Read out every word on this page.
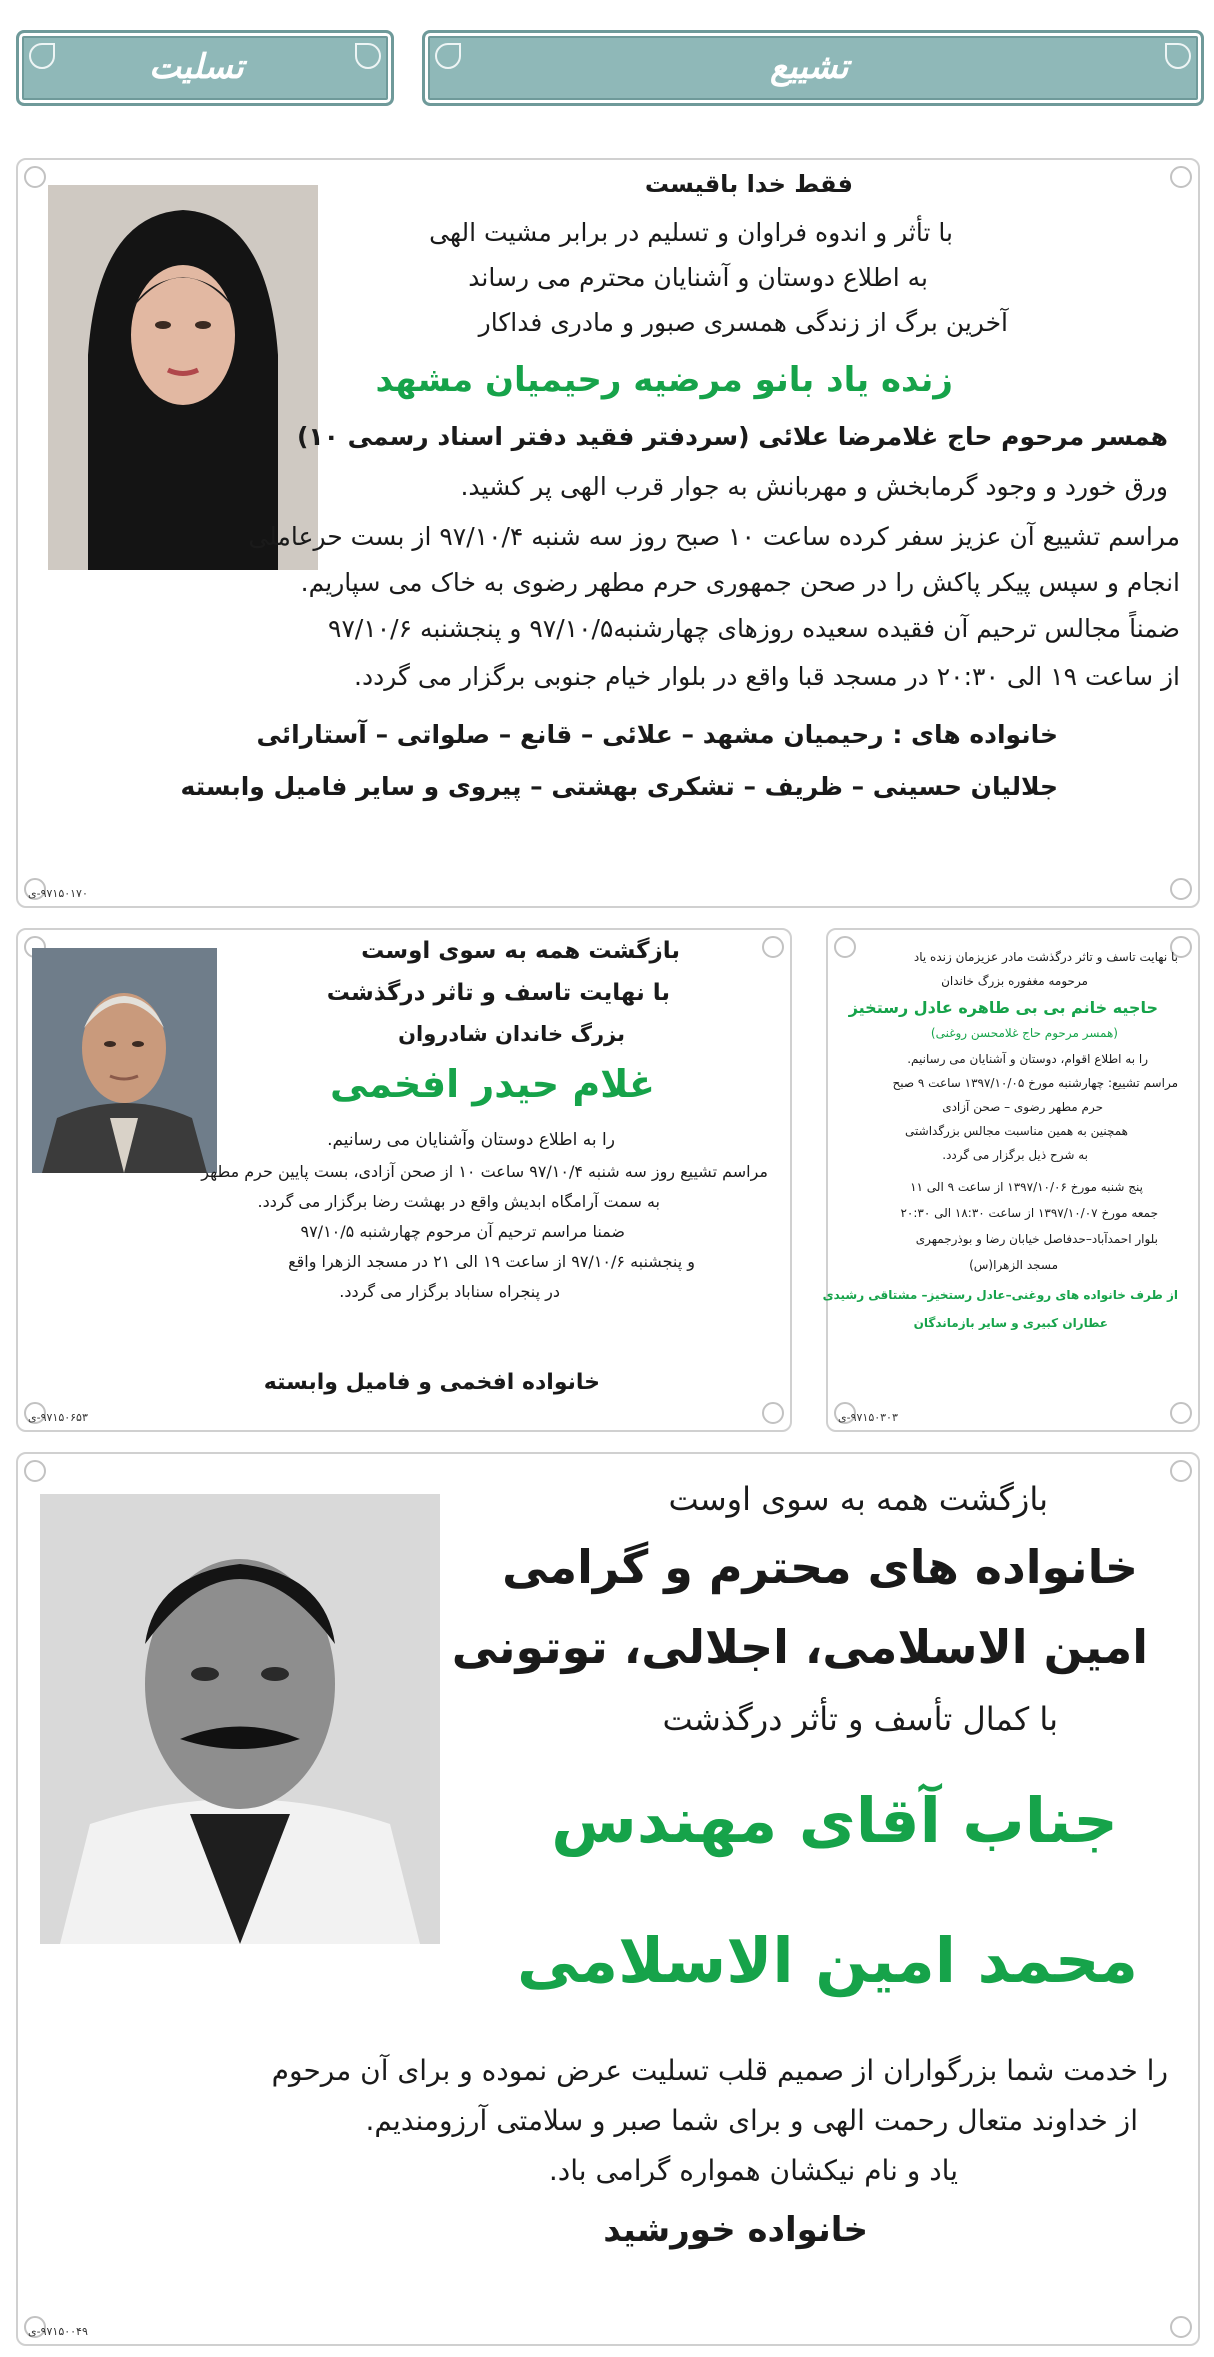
تسلیت	تشییع
فقط خدا باقیست
با تأثر و اندوه فراوان و تسلیم در برابر مشیت الهی
به اطلاع دوستان و آشنایان محترم می رساند
آخرین برگ از زندگی همسری صبور و مادری فداکار
زنده یاد بانو مرضیه رحیمیان مشهد
همسر مرحوم حاج غلامرضا علائی (سردفتر فقید دفتر اسناد رسمی ۱۰)
ورق خورد و وجود گرمابخش و مهربانش به جوار قرب الهی پر کشید.
مراسم تشییع آن عزیز سفر کرده ساعت ۱۰ صبح روز سه شنبه ۹۷/۱۰/۴ از بست حرعاملی
انجام و سپس پیکر پاکش را در صحن جمهوری حرم مطهر رضوی به خاک می سپاریم.
ضمناً مجالس ترحیم آن فقیده سعیده روزهای چهارشنبه۹۷/۱۰/۵ و پنجشنبه ۹۷/۱۰/۶
از ساعت ۱۹ الی ۲۰:۳۰ در مسجد قبا واقع در بلوار خیام جنوبی برگزار می گردد.
خانواده های : رحیمیان مشهد – علائی – قانع – صلواتی – آستارائی
جلالیان حسینی – ظریف – تشکری بهشتی – پیروی و سایر فامیل وابسته
۹۷۱۵۰۱۷۰-ی
بازگشت همه به سوی اوست
با نهایت تاسف و تاثر درگذشت
بزرگ خاندان شادروان
غلام حیدر افخمی
را به اطلاع دوستان وآشنایان می رسانیم.
مراسم تشییع روز سه شنبه ۹۷/۱۰/۴ ساعت ۱۰ از صحن آزادی، بست پایین حرم مطهر
به سمت آرامگاه ابدیش واقع در بهشت رضا برگزار می گردد.
ضمنا مراسم ترحیم آن مرحوم چهارشنبه ۹۷/۱۰/۵
و پنجشنبه ۹۷/۱۰/۶ از ساعت ۱۹ الی ۲۱ در مسجد الزهرا واقع
در پنجراه سناباد برگزار می گردد.
خانواده افخمی و فامیل وابسته
۹۷۱۵۰۶۵۳-ی
با نهایت تاسف و تاثر درگذشت مادر عزیزمان زنده یاد
مرحومه مغفوره بزرگ خاندان
حاجیه خانم بی بی طاهره عادل رستخیز
(همسر مرحوم حاج غلامحسن روغنی)
را به اطلاع اقوام، دوستان و آشنایان می رسانیم.
مراسم تشییع: چهارشنبه مورخ ۱۳۹۷/۱۰/۰۵ ساعت ۹ صبح
حرم مطهر رضوی – صحن آزادی
همچنین به همین مناسبت مجالس بزرگداشتی
به شرح ذیل برگزار می گردد.
پنج شنبه مورخ ۱۳۹۷/۱۰/۰۶ از ساعت ۹ الی ۱۱
جمعه مورخ ۱۳۹۷/۱۰/۰۷ از ساعت ۱۸:۳۰ الی ۲۰:۳۰
بلوار احمدآباد–حدفاصل خیابان رضا و بوذرجمهری
مسجد الزهرا(س)
از طرف خانواده های روغنی–عادل رستخیز– مشتاقی رشیدی
عطاران کبیری و سایر بازماندگان
۹۷۱۵۰۳۰۳-ی
بازگشت همه به سوی اوست
خانواده های محترم و گرامی
امین الاسلامی، اجلالی، توتونی
با کمال تأسف و تأثر درگذشت
جناب آقای مهندس
محمد امین الاسلامی
را خدمت شما بزرگواران از صمیم قلب تسلیت عرض نموده و برای آن مرحوم
از خداوند متعال رحمت الهی و برای شما صبر و سلامتی آرزومندیم.
یاد و نام نیکشان همواره گرامی باد.
خانواده خورشید
۹۷۱۵۰۰۴۹-ی
